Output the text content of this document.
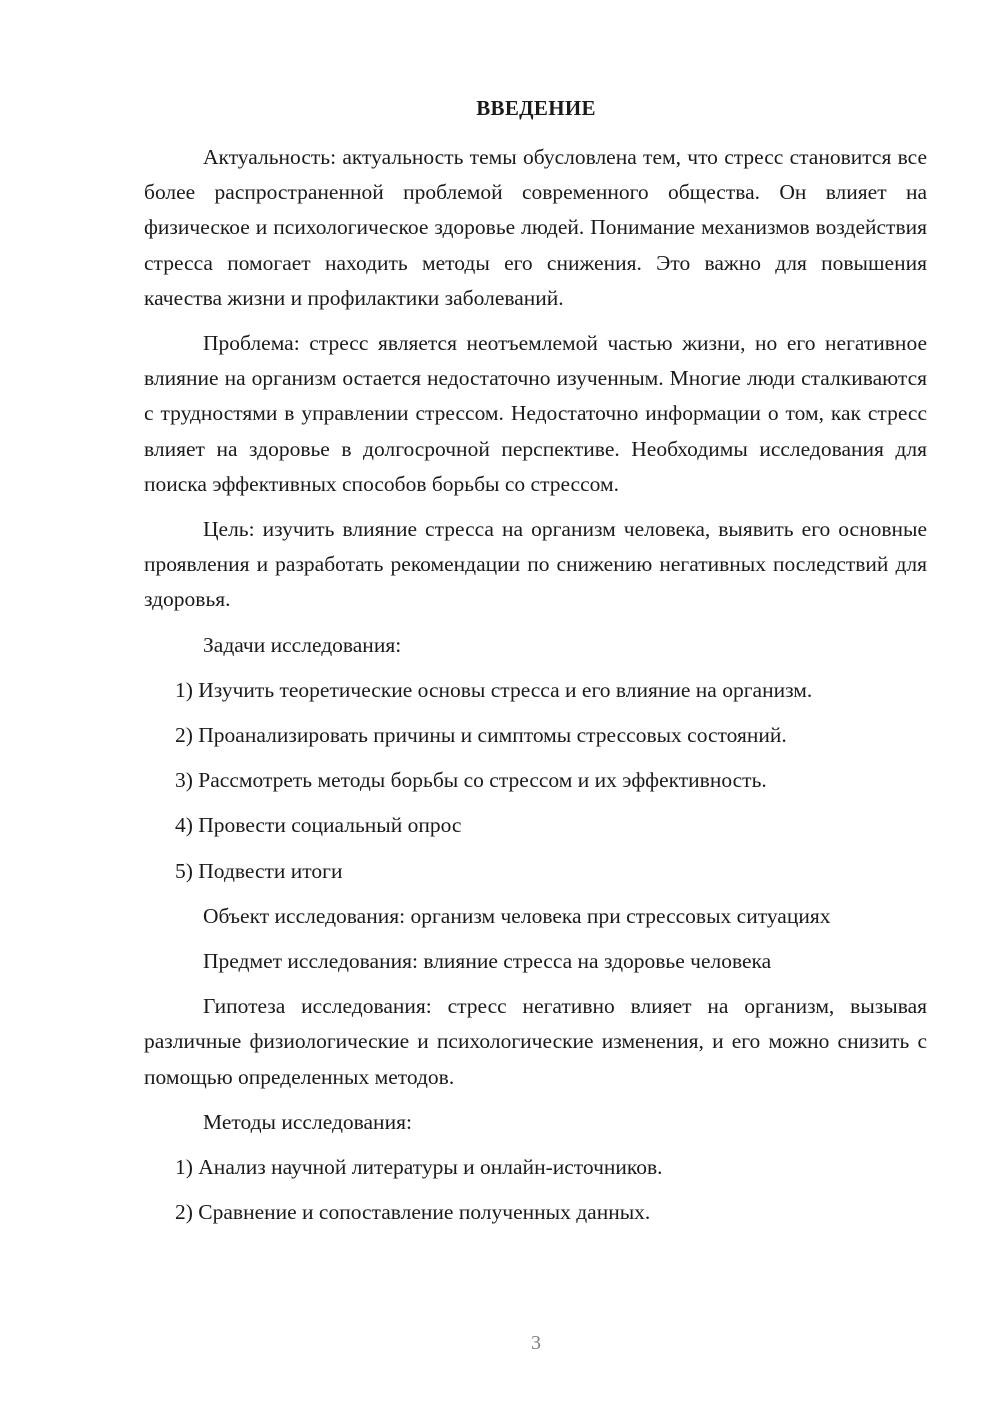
ВВЕДЕНИЕ

Актуальность: актуальность темы обусловлена тем, что стресс становится все более распространенной проблемой современного общества. Он влияет на физическое и психологическое здоровье людей. Понимание механизмов воздействия стресса помогает находить методы его снижения. Это важно для повышения качества жизни и профилактики заболеваний.

Проблема: стресс является неотъемлемой частью жизни, но его негативное влияние на организм остается недостаточно изученным. Многие люди сталкиваются с трудностями в управлении стрессом. Недостаточно информации о том, как стресс влияет на здоровье в долгосрочной перспективе. Необходимы исследования для поиска эффективных способов борьбы со стрессом.

Цель: изучить влияние стресса на организм человека, выявить его основные проявления и разработать рекомендации по снижению негативных последствий для здоровья.

Задачи исследования:

1) Изучить теоретические основы стресса и его влияние на организм.

2) Проанализировать причины и симптомы стрессовых состояний.

3) Рассмотреть методы борьбы со стрессом и их эффективность.

4) Провести социальный опрос

5) Подвести итоги

Объект исследования: организм человека при стрессовых ситуациях

Предмет исследования: влияние стресса на здоровье человека

Гипотеза исследования: стресс негативно влияет на организм, вызывая различные физиологические и психологические изменения, и его можно снизить с помощью определенных методов.

Методы исследования:

1) Анализ научной литературы и онлайн-источников.

2) Сравнение и сопоставление полученных данных.

3
